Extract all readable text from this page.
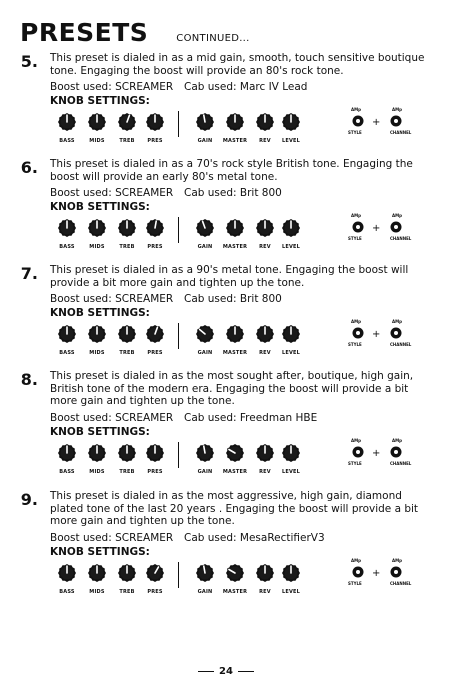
PRESETS	CONTINUED...
5.	This preset is dialed in as a mid gain, smooth, touch sensitive boutique tone. Engaging the boost will provide an 80's rock tone.

Boost used: SCREAMER	Cab used: Marc IV Lead
KNOB SETTINGS:
BASS	MIDS	TREB	PRES	GAIN	MASTER	REV	LEVEL
AMp
STYLE
+
AMp
CHANNEL
6.	This preset is dialed in as a 70's rock style British tone. Engaging the boost will provide an early 80's metal tone.

Boost used: SCREAMER	Cab used: Brit 800
KNOB SETTINGS:
BASS	MIDS	TREB	PRES	GAIN	MASTER	REV	LEVEL
AMp
STYLE
+
AMp
CHANNEL
7.	This preset is dialed in as a 90's metal tone. Engaging the boost will provide a bit more gain and tighten up the tone.

Boost used: SCREAMER	Cab used: Brit 800
KNOB SETTINGS:
BASS	MIDS	TREB	PRES	GAIN	MASTER	REV	LEVEL
AMp
STYLE
+
AMp
CHANNEL
8.	This preset is dialed in as the most sought after, boutique, high gain, British tone of the modern era. Engaging the boost will provide a bit more gain and tighten up the tone.

Boost used: SCREAMER	Cab used: Freedman HBE
KNOB SETTINGS:
BASS	MIDS	TREB	PRES	GAIN	MASTER	REV	LEVEL
AMp
STYLE
+
AMp
CHANNEL
9.	This preset is dialed in as the most aggressive, high gain, diamond plated tone of the last 20 years . Engaging the boost will provide a bit more gain and tighten up the tone.

Boost used: SCREAMER	Cab used: MesaRectifierV3
KNOB SETTINGS:
BASS	MIDS	TREB	PRES	GAIN	MASTER	REV	LEVEL
AMp
STYLE
+
AMp
CHANNEL
24
